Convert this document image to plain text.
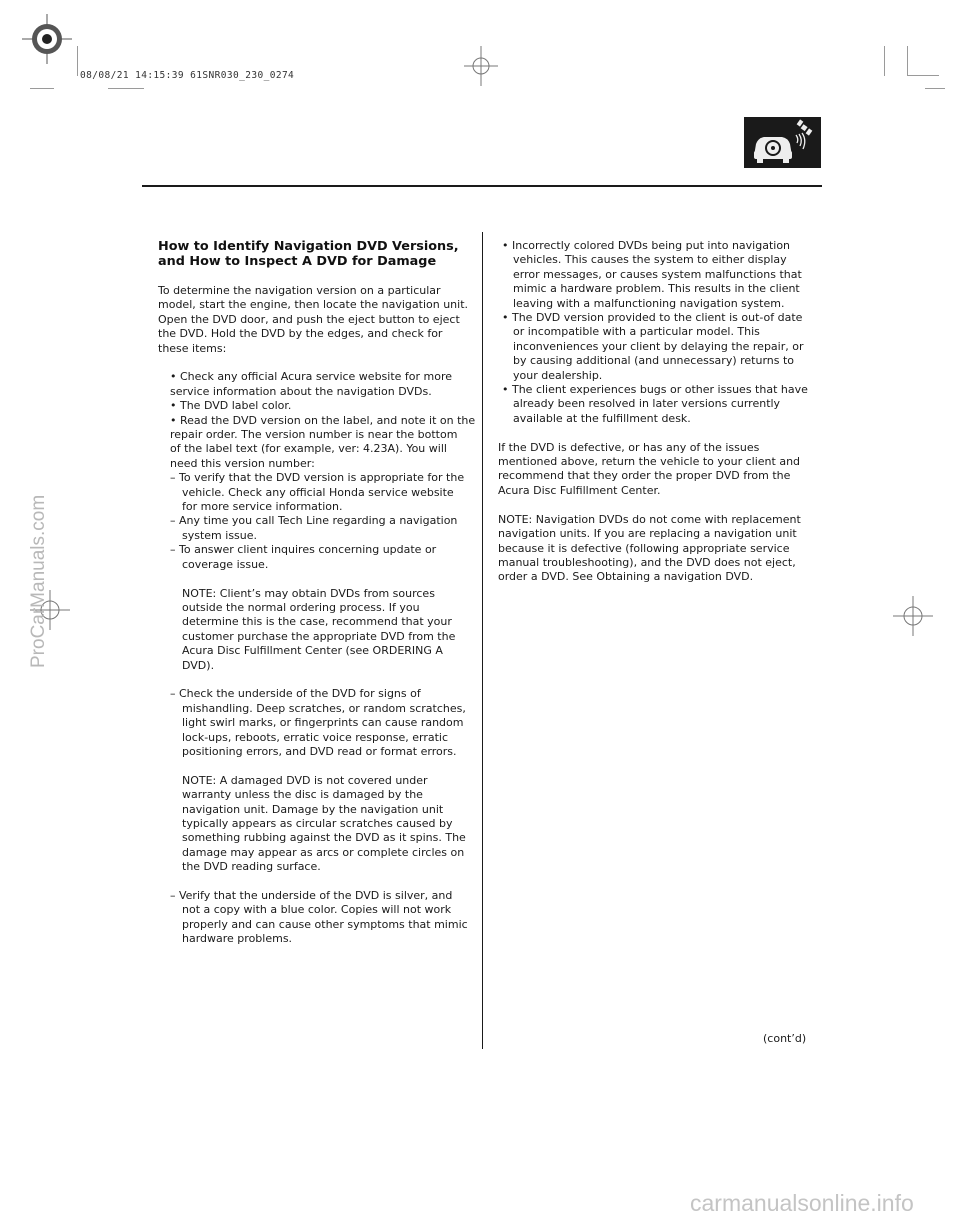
08/08/21 14:15:39 61SNR030_230_0274
How to Identify Navigation DVD Versions,
and How to Inspect A DVD for Damage
To determine the navigation version on a particular
model, start the engine, then locate the navigation unit.
Open the DVD door, and push the eject button to eject
the DVD. Hold the DVD by the edges, and check for
these items:
• Check any official Acura service website for more
service information about the navigation DVDs.
• The DVD label color.
• Read the DVD version on the label, and note it on the
repair order. The version number is near the bottom
of the label text (for example, ver: 4.23A). You will
need this version number:
– To verify that the DVD version is appropriate for the
vehicle. Check any official Honda service website
for more service information.
– Any time you call Tech Line regarding a navigation
system issue.
– To answer client inquires concerning update or
coverage issue.
NOTE: Client’s may obtain DVDs from sources
outside the normal ordering process. If you
determine this is the case, recommend that your
customer purchase the appropriate DVD from the
Acura Disc Fulfillment Center (see ORDERING A
DVD).
– Check the underside of the DVD for signs of
mishandling. Deep scratches, or random scratches,
light swirl marks, or fingerprints can cause random
lock-ups, reboots, erratic voice response, erratic
positioning errors, and DVD read or format errors.
NOTE: A damaged DVD is not covered under
warranty unless the disc is damaged by the
navigation unit. Damage by the navigation unit
typically appears as circular scratches caused by
something rubbing against the DVD as it spins. The
damage may appear as arcs or complete circles on
the DVD reading surface.
– Verify that the underside of the DVD is silver, and
not a copy with a blue color. Copies will not work
properly and can cause other symptoms that mimic
hardware problems.
• Incorrectly colored DVDs being put into navigation
vehicles. This causes the system to either display
error messages, or causes system malfunctions that
mimic a hardware problem. This results in the client
leaving with a malfunctioning navigation system.
• The DVD version provided to the client is out-of date
or incompatible with a particular model. This
inconveniences your client by delaying the repair, or
by causing additional (and unnecessary) returns to
your dealership.
• The client experiences bugs or other issues that have
already been resolved in later versions currently
available at the fulfillment desk.
If the DVD is defective, or has any of the issues
mentioned above, return the vehicle to your client and
recommend that they order the proper DVD from the
Acura Disc Fulfillment Center.
NOTE: Navigation DVDs do not come with replacement
navigation units. If you are replacing a navigation unit
because it is defective (following appropriate service
manual troubleshooting), and the DVD does not eject,
order a DVD. See Obtaining a navigation DVD.
(cont’d)
ProCarManuals.com
carmanualsonline.info
